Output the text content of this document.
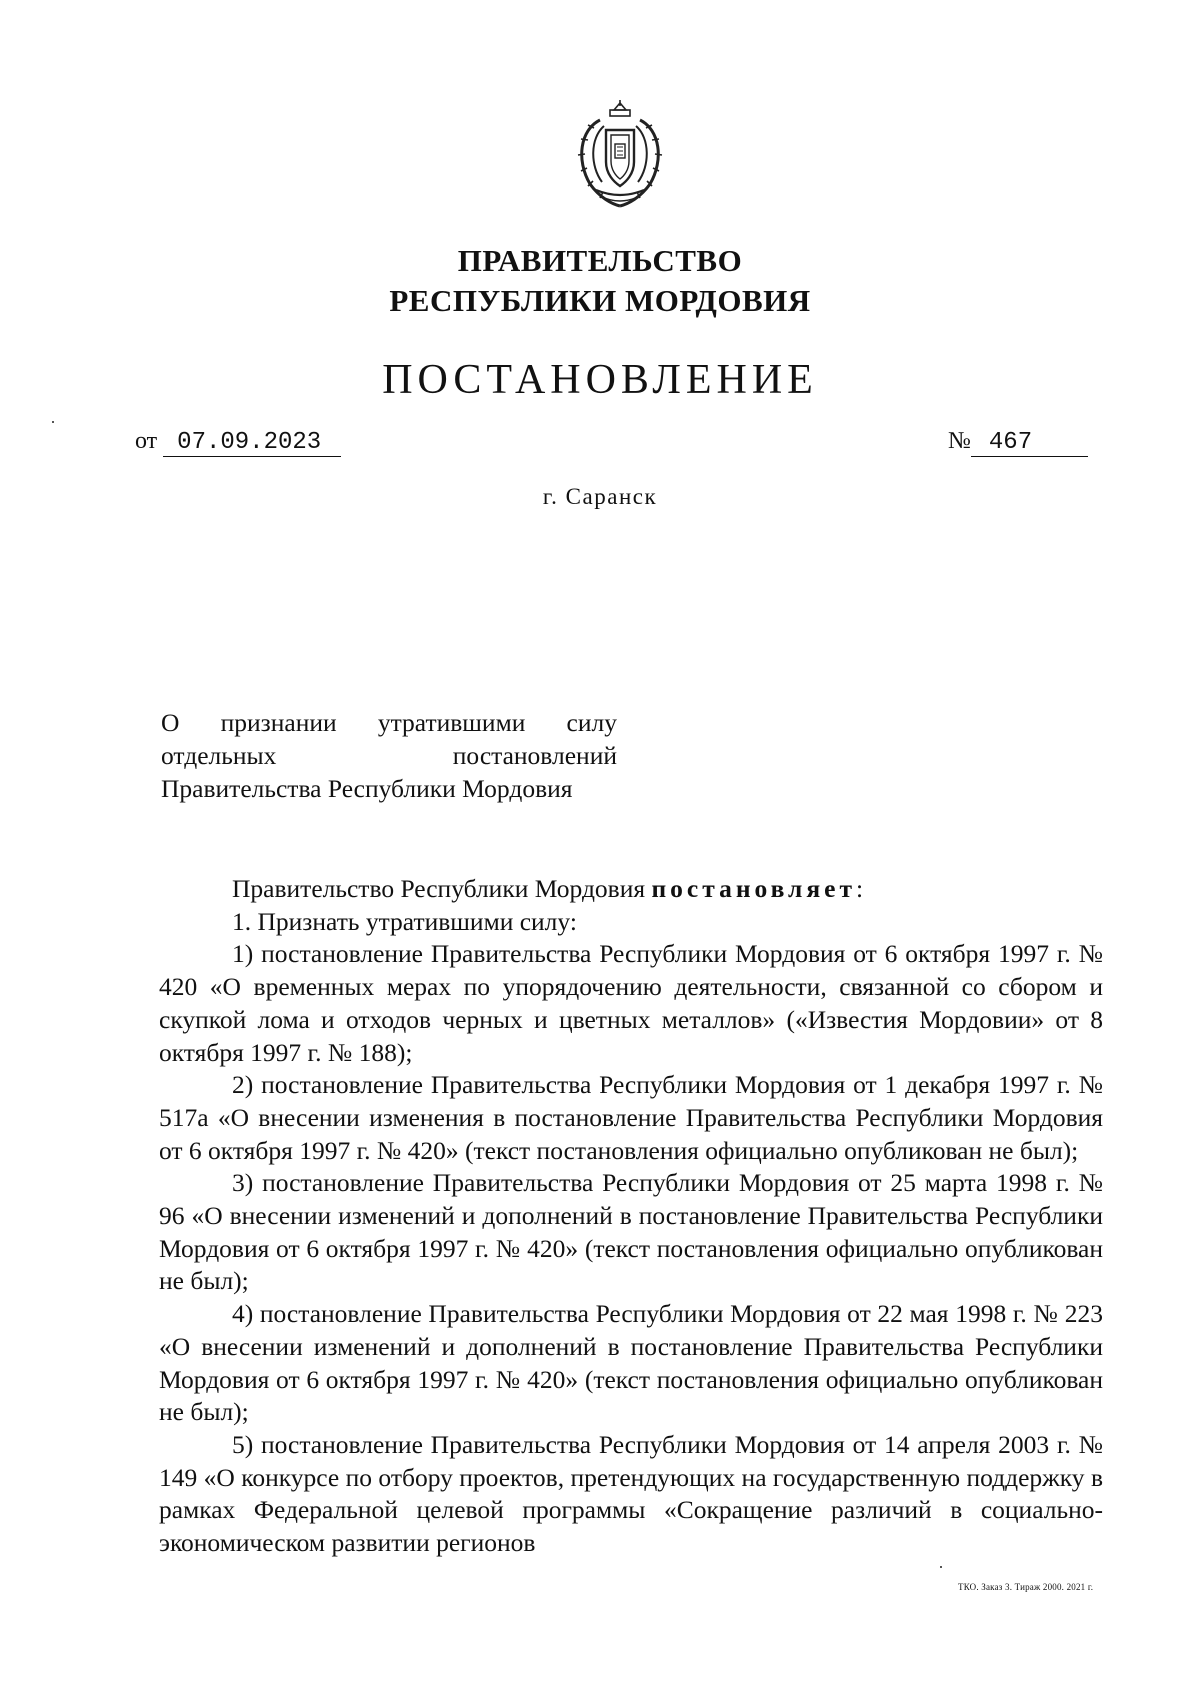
ПРАВИТЕЛЬСТВО
РЕСПУБЛИКИ МОРДОВИЯ
ПОСТАНОВЛЕНИЕ
от 07.09.2023	№ 467
г. Саранск
О признании утратившими силу
отдельных постановлений
Правительства Республики Мордовия

Правительство Республики Мордовия постановляет:

1. Признать утратившими силу:

1) постановление Правительства Республики Мордовия от 6 октября 1997 г. № 420 «О временных мерах по упорядочению деятельности, связанной со сбором и скупкой лома и отходов черных и цветных металлов» («Известия Мордовии» от 8 октября 1997 г. № 188);

2) постановление Правительства Республики Мордовия от 1 декабря 1997 г. № 517а «О внесении изменения в постановление Правительства Республики Мордовия от 6 октября 1997 г. № 420» (текст постановления официально опубликован не был);

3) постановление Правительства Республики Мордовия от 25 марта 1998 г. № 96 «О внесении изменений и дополнений в постановление Правительства Республики Мордовия от 6 октября 1997 г. № 420» (текст постановления официально опубликован не был);

4) постановление Правительства Республики Мордовия от 22 мая 1998 г. № 223 «О внесении изменений и дополнений в постановление Правительства Республики Мордовия от 6 октября 1997 г. № 420» (текст постановления официально опубликован не был);

5) постановление Правительства Республики Мордовия от 14 апреля 2003 г. № 149 «О конкурсе по отбору проектов, претендующих на государственную поддержку в рамках Федеральной целевой программы «Сокращение различий в социально-экономическом развитии регионов

ТКО. Заказ 3. Тираж 2000. 2021 г.
